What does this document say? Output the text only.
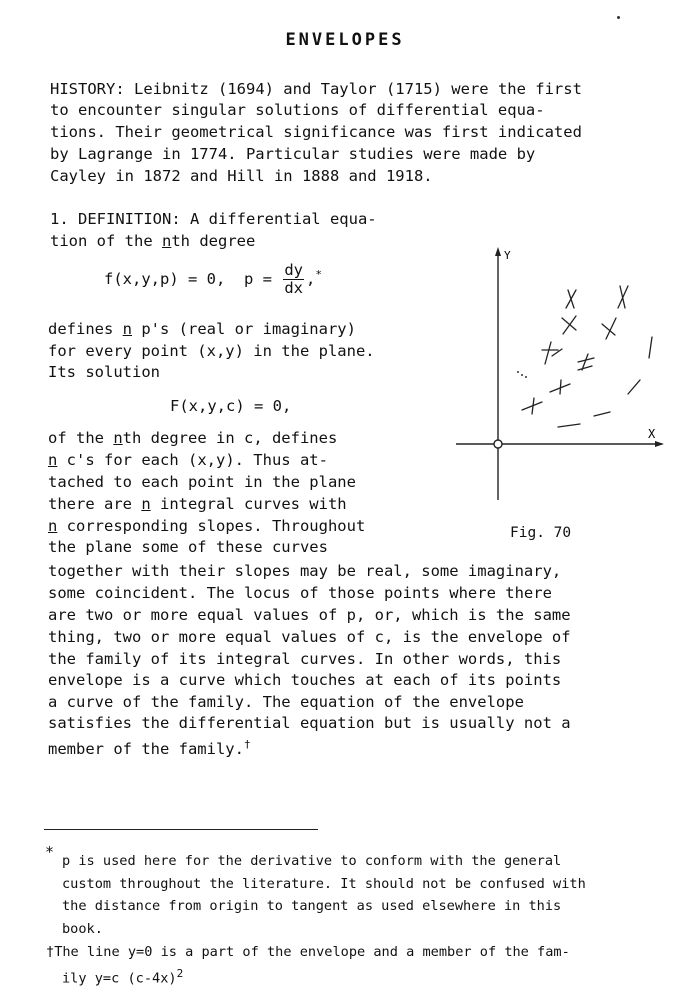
ENVELOPES
HISTORY: Leibnitz (1694) and Taylor (1715) were the first
to encounter singular solutions of differential equa-
tions. Their geometrical significance was first indicated
by Lagrange in 1774. Particular studies were made by
Cayley in 1872 and Hill in 1888 and 1918.
1. DEFINITION: A differential equa-
tion of the nth degree
f(x,y,p) = 0,  $p = \frac{dy}{dx} ,^*$
defines n p's (real or imaginary)
for every point (x,y) in the plane.
Its solution
F(x,y,c) = 0,
of the nth degree in c, defines
n c's for each (x,y). Thus at-
tached to each point in the plane
there are n integral curves with
n corresponding slopes. Throughout
the plane some of these curves
together with their slopes may be real, some imaginary,
some coincident. The locus of those points where there
are two or more equal values of p, or, which is the same
thing, two or more equal values of c, is the envelope of
the family of its integral curves. In other words, this
envelope is a curve which touches at each of its points
a curve of the family. The equation of the envelope
satisfies the differential equation but is usually not a
member of the family.†
Y
X
Fig. 70
* p is used here for the derivative to conform with the general
custom throughout the literature. It should not be confused with
the distance from origin to tangent as used elsewhere in this
book.
†The line y=0 is a part of the envelope and a member of the fam-
ily y=c $(c-4x)^2$
